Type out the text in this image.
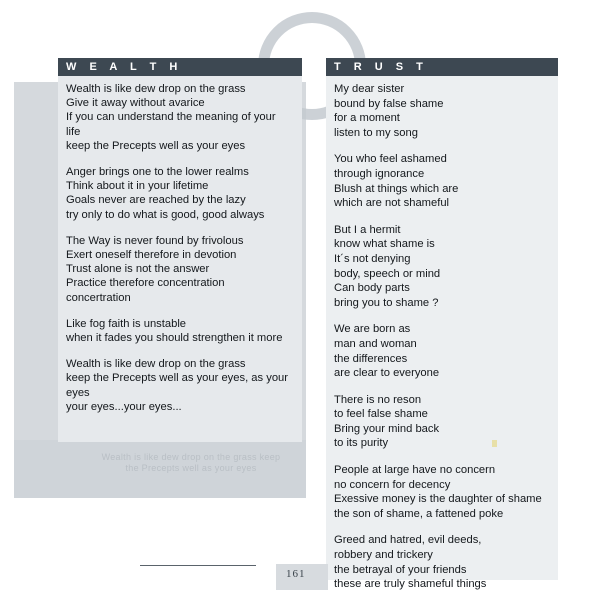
W E A L T H
Wealth is like dew drop on the grass
Give it away without avarice
If you can understand the meaning of your
life
keep the Precepts well as your eyes
Anger brings one to the lower realms
Think about it in your lifetime
Goals never are reached by the lazy
try only to do what is good, good always
The Way is never found by frivolous
Exert oneself therefore in devotion
Trust alone is not the answer
Practice therefore concentration
concertration
Like fog faith is unstable
when it fades you should strengthen it more
Wealth is like dew drop on the grass
keep the Precepts well as your eyes, as your
eyes
your eyes...your eyes...
Wealth is like dew drop on the grass keep the Precepts well as your eyes
T R U S T
My dear sister
bound by false shame
for a moment
listen to my song
You who feel ashamed
through ignorance
Blush at things which are
which are not shameful
But I a hermit
know what shame is
It´s not denying
body, speech or mind
Can body parts
bring you to shame ?
We are born as
man and woman
the differences
are clear to everyone
There is no reson
to feel false shame
Bring your mind back
to its purity
People at large have no concern
no concern for decency
Exessive money is the daughter of shame
the son of shame, a fattened poke
Greed and hatred, evil deeds,
robbery and trickery
the betrayal of your friends
these are truly shameful things
161
